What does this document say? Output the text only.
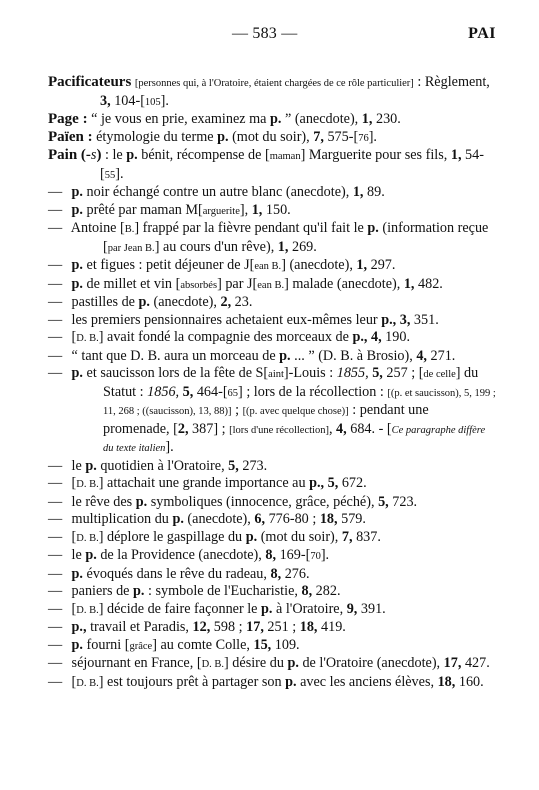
— 583 —	PAI

Pacificateurs [personnes qui, à l'Oratoire, étaient chargées de ce rôle particulier] : Règlement, 3, 104-[105].

Page : “ je vous en prie, examinez ma p. ” (anecdote), 1, 230.

Païen : étymologie du terme p. (mot du soir), 7, 575-[76].

Pain (-s) : le p. bénit, récompense de [maman] Marguerite pour ses fils, 1, 54-[55].

— p. noir échangé contre un autre blanc (anecdote), 1, 89.

— p. prêté par maman M[arguerite], 1, 150.

— Antoine [B.] frappé par la fièvre pendant qu'il fait le p. (information reçue [par Jean B.] au cours d'un rêve), 1, 269.

— p. et figues : petit déjeuner de J[ean B.] (anecdote), 1, 297.

— p. de millet et vin [absorbés] par J[ean B.] malade (anecdote), 1, 482.

— pastilles de p. (anecdote), 2, 23.

— les premiers pensionnaires achetaient eux-mêmes leur p., 3, 351.

— [D. B.] avait fondé la compagnie des morceaux de p., 4, 190.

— “ tant que D. B. aura un morceau de p. ... ” (D. B. à Brosio), 4, 271.

— p. et saucisson lors de la fête de S[aint]-Louis : 1855, 5, 257 ; [de celle] du Statut : 1856, 5, 464-[65] ; lors de la récollection : [(p. et saucisson), 5, 199 ; 11, 268 ; ((saucisson), 13, 88)] ; [(p. avec quelque chose)] : pendant une promenade, [2, 387] ; [lors d'une récollection], 4, 684. - [Ce paragraphe diffère du texte italien].

— le p. quotidien à l'Oratoire, 5, 273.

— [D. B.] attachait une grande importance au p., 5, 672.

— le rêve des p. symboliques (innocence, grâce, péché), 5, 723.

— multiplication du p. (anecdote), 6, 776-80 ; 18, 579.

— [D. B.] déplore le gaspillage du p. (mot du soir), 7, 837.

— le p. de la Providence (anecdote), 8, 169-[70].

— p. évoqués dans le rêve du radeau, 8, 276.

— paniers de p. : symbole de l'Eucharistie, 8, 282.

— [D. B.] décide de faire façonner le p. à l'Oratoire, 9, 391.

— p., travail et Paradis, 12, 598 ; 17, 251 ; 18, 419.

— p. fourni [grâce] au comte Colle, 15, 109.

— séjournant en France, [D. B.] désire du p. de l'Oratoire (anecdote), 17, 427.

— [D. B.] est toujours prêt à partager son p. avec les anciens élèves, 18, 160.
